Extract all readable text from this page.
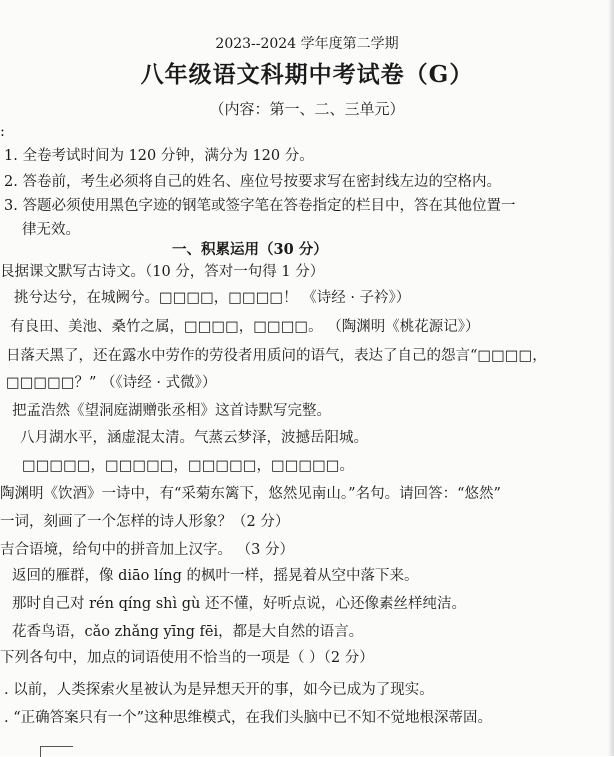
2023--2024 学年度第二学期
八年级语文科期中考试卷（G）
（内容：第一、二、三单元）
:
1. 全卷考试时间为 120 分钟，满分为 120 分。
2. 答卷前，考生必须将自己的姓名、座位号按要求写在密封线左边的空格内。
3. 答题必须使用黑色字迹的钢笔或签字笔在答卷指定的栏目中，答在其他位置一
律无效。
一、积累运用（30 分）
艮据课文默写古诗文。（10 分，答对一句得 1 分）
挑兮达兮，在城阙兮。□□□□，□□□□！ 《诗经 · 子衿》）
有良田、美池、桑竹之属，□□□□，□□□□。 （陶渊明《桃花源记》）
日落天黑了，还在露水中劳作的劳役者用质问的语气，表达了自己的怨言“□□□□，
□□□□□？” （《诗经 · 式微》）
把孟浩然《望洞庭湖赠张丞相》这首诗默写完整。
八月湖水平，涵虚混太清。气蒸云梦泽，波撼岳阳城。
□□□□□，□□□□□，□□□□□，□□□□□。
陶渊明《饮酒》一诗中，有“采菊东篱下，悠然见南山。”名句。请回答：“悠然”
一词，刻画了一个怎样的诗人形象？（2 分）
吉合语境，给句中的拼音加上汉字。 （3 分）
返回的雁群，像 diāo líng 的枫叶一样，摇晃着从空中落下来。
那时自己对 rén qíng shì gù 还不懂，好听点说，心还像素丝样纯洁。
花香鸟语，cǎo zhǎng yīng fēi，都是大自然的语言。
下列各句中，加点的词语使用不恰当的一项是（ ）（2 分）
. 以前，人类探索火星被认为是异想天开的事，如今已成为了现实。
. “正确答案只有一个”这种思维模式，在我们头脑中已不知不觉地根深蒂固。
